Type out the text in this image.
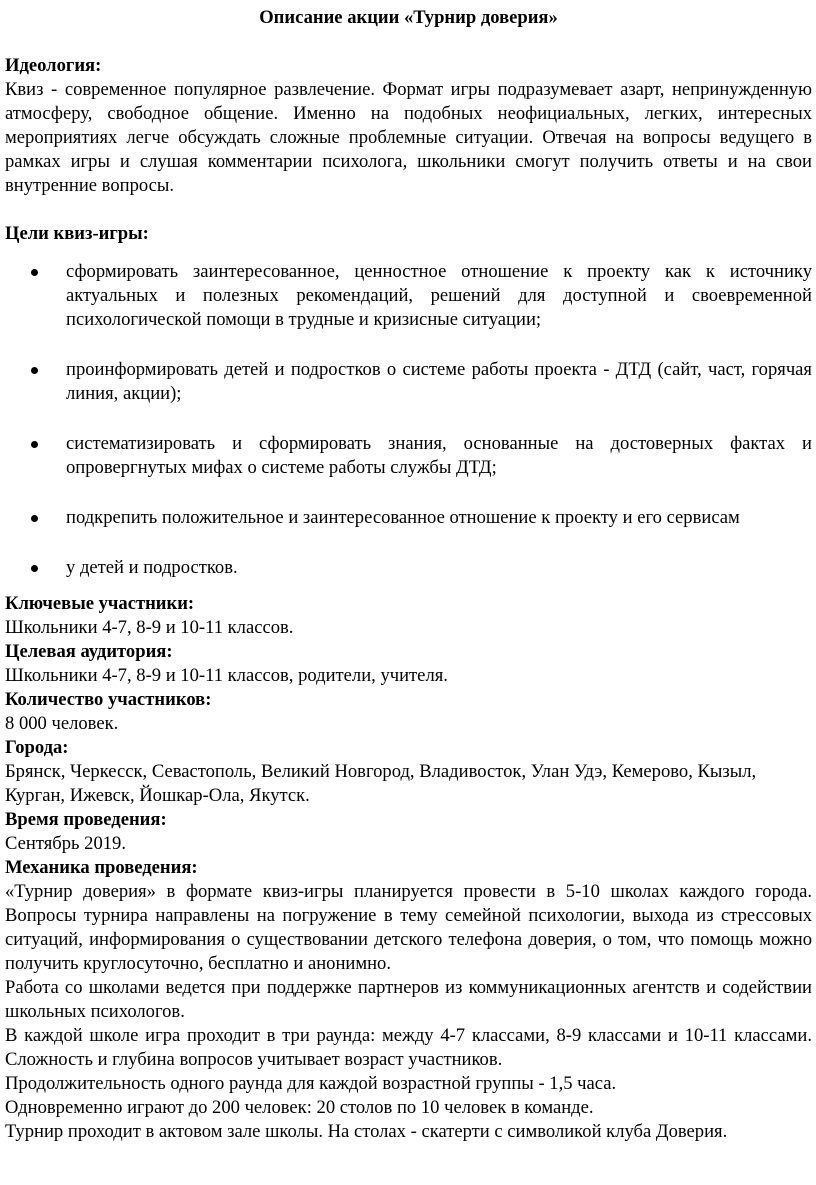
Описание акции «Турнир доверия»
Идеология:

Квиз - современное популярное развлечение. Формат игры подразумевает азарт, непринужденную атмосферу, свободное общение. Именно на подобных неофициальных, легких, интересных мероприятиях легче обсуждать сложные проблемные ситуации. Отвечая на вопросы ведущего в рамках игры и слушая комментарии психолога, школьники смогут получить ответы и на свои внутренние вопросы.

Цели квиз-игры:
сформировать заинтересованное, ценностное отношение к проекту как к источнику актуальных и полезных рекомендаций, решений для доступной и своевременной психологической помощи в трудные и кризисные ситуации;
проинформировать детей и подростков о системе работы проекта - ДТД (сайт, част, горячая линия, акции);
систематизировать и сформировать знания, основанные на достоверных фактах и опровергнутых мифах о системе работы службы ДТД;
подкрепить положительное и заинтересованное отношение к проекту и его сервисам
у детей и подростков.
Ключевые участники:
Школьники 4-7, 8-9 и 10-11 классов.
Целевая аудитория:
Школьники 4-7, 8-9 и 10-11 классов, родители, учителя.
Количество участников:
8 000 человек.
Города:
Брянск, Черкесск, Севастополь, Великий Новгород, Владивосток, Улан Удэ, Кемерово, Кызыл, Курган, Ижевск, Йошкар-Ола, Якутск.
Время проведения:
Сентябрь 2019.
Механика проведения:

«Турнир доверия» в формате квиз-игры планируется провести в 5-10 школах каждого города. Вопросы турнира направлены на погружение в тему семейной психологии, выхода из стрессовых ситуаций, информирования о существовании детского телефона доверия, о том, что помощь можно получить круглосуточно, бесплатно и анонимно.

Работа со школами ведется при поддержке партнеров из коммуникационных агентств и содействии школьных психологов.

В каждой школе игра проходит в три раунда: между 4-7 классами, 8-9 классами и 10-11 классами. Сложность и глубина вопросов учитывает возраст участников.

Продолжительность одного раунда для каждой возрастной группы - 1,5 часа.

Одновременно играют до 200 человек: 20 столов по 10 человек в команде.

Турнир проходит в актовом зале школы. На столах - скатерти с символикой клуба Доверия.
